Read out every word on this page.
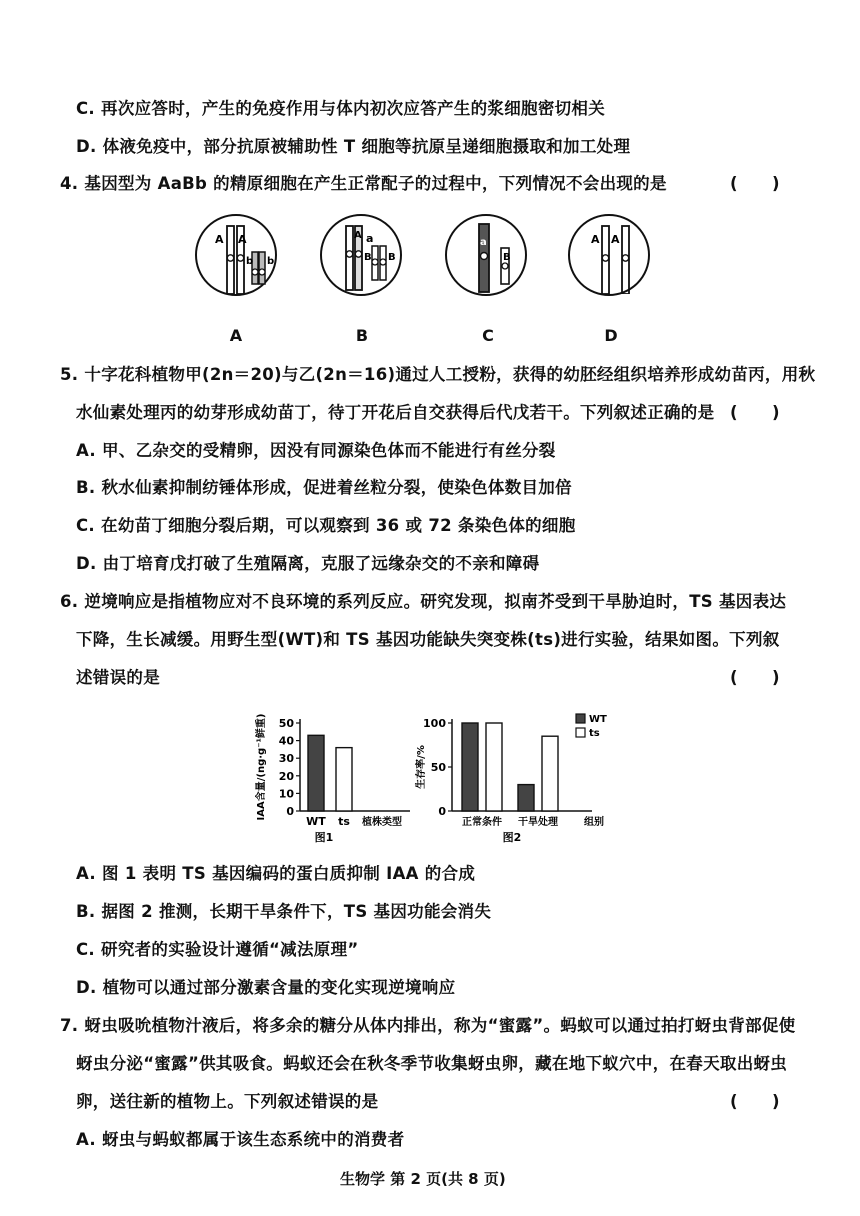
C. 再次应答时，产生的免疫作用与体内初次应答产生的浆细胞密切相关
D. 体液免疫中，部分抗原被辅助性 T 细胞等抗原呈递细胞摄取和加工处理
4. 基因型为 AaBb 的精原细胞在产生正常配子的过程中，下列情况不会出现的是	(      )
A A
b b
A a
B B
a
B
A A
A	B	C	D
5. 十字花科植物甲(2n＝20)与乙(2n＝16)通过人工授粉，获得的幼胚经组织培养形成幼苗丙，用秋
水仙素处理丙的幼芽形成幼苗丁，待丁开花后自交获得后代戊若干。下列叙述正确的是 (      )
A. 甲、乙杂交的受精卵，因没有同源染色体而不能进行有丝分裂
B. 秋水仙素抑制纺锤体形成，促进着丝粒分裂，使染色体数目加倍
C. 在幼苗丁细胞分裂后期，可以观察到 36 或 72 条染色体的细胞
D. 由丁培育戊打破了生殖隔离，克服了远缘杂交的不亲和障碍
6. 逆境响应是指植物应对不良环境的系列反应。研究发现，拟南芥受到干旱胁迫时，TS 基因表达
下降，生长减缓。用野生型(WT)和 TS 基因功能缺失突变株(ts)进行实验，结果如图。下列叙
述错误的是	(      )
0
10
20
30
40
50
WT ts 植株类型
图1
IAA含量/(ng·g⁻¹鲜重)	0
50
100
正常条件 干旱处理	组别
图2
生存率/%
WT
ts
A. 图 1 表明 TS 基因编码的蛋白质抑制 IAA 的合成
B. 据图 2 推测，长期干旱条件下，TS 基因功能会消失
C. 研究者的实验设计遵循“减法原理”
D. 植物可以通过部分激素含量的变化实现逆境响应
7. 蚜虫吸吮植物汁液后，将多余的糖分从体内排出，称为“蜜露”。蚂蚁可以通过拍打蚜虫背部促使
蚜虫分泌“蜜露”供其吸食。蚂蚁还会在秋冬季节收集蚜虫卵，藏在地下蚁穴中，在春天取出蚜虫
卵，送往新的植物上。下列叙述错误的是	(      )
A. 蚜虫与蚂蚁都属于该生态系统中的消费者
生物学 第 2 页(共 8 页)
